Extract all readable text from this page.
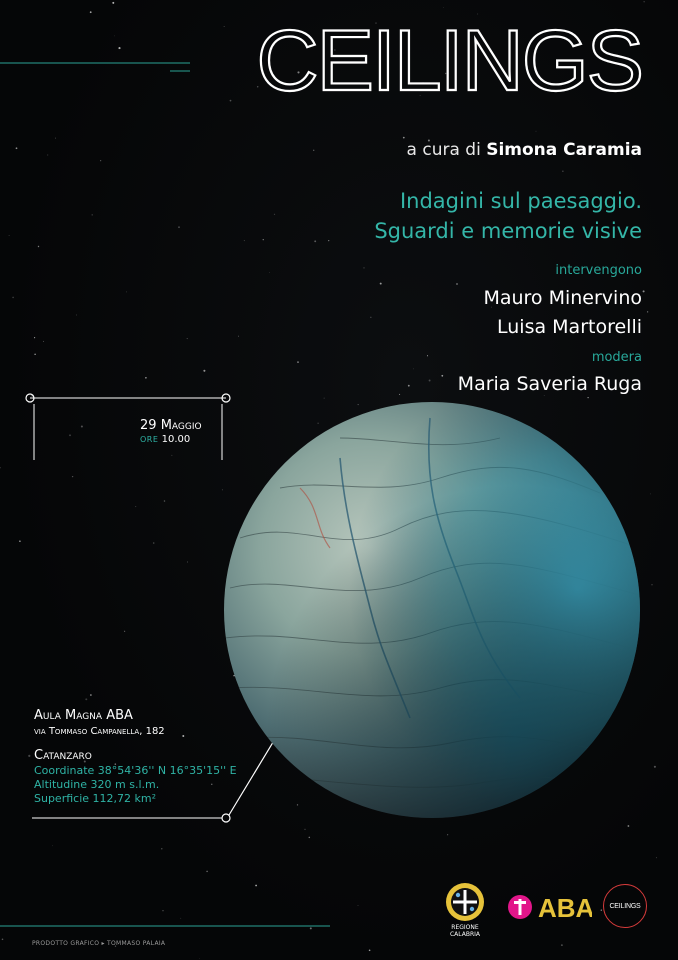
CEILINGS
a cura di Simona Caramia
Indagini sul paesaggio.
Sguardi e memorie visive
intervengono
Mauro Minervino
Luisa Martorelli
modera
Maria Saveria Ruga
29 Maggio
ORE 10.00
Aula Magna ABA
via Tommaso Campanella, 182
Catanzaro
Coordinate 38°54'36'' N 16°35'15'' E
Altitudine 320 m s.l.m.
Superficie 112,72 km²
PRODOTTO GRAFICO ▸ TOMMASO PALAIA
REGIONE CALABRIA
ABA CEILINGS
